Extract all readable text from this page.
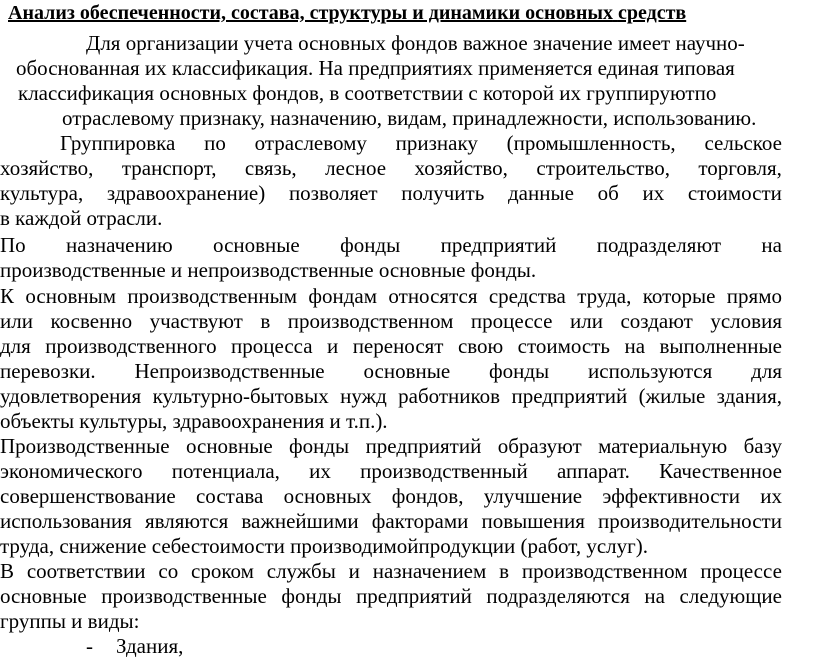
Анализ обеспеченности, состава, структуры и динамики основных средств
Для организации учета основных фондов важное значение имеет научно-
обоснованная их классификация. На предприятиях применяется единая типовая
классификация основных фондов, в соответствии с которой их группируютпо
отраслевому признаку, назначению, видам, принадлежности, использованию.
Группировка по отраслевому признаку (промышленность, сельское
хозяйство, транспорт, связь, лесное хозяйство, строительство, торговля,
культура, здравоохранение) позволяет получить данные об их стоимости
в каждой отрасли.
По назначению основные фонды предприятий подразделяют на
производственные и непроизводственные основные фонды.
К основным производственным фондам относятся средства труда, которые прямо
или косвенно участвуют в производственном процессе или создают условия
для производственного процесса и переносят свою стоимость на выполненные
перевозки. Непроизводственные основные фонды используются для
удовлетворения культурно-бытовых нужд работников предприятий (жилые здания,
объекты культуры, здравоохранения и т.п.).
Производственные основные фонды предприятий образуют материальную базу
экономического потенциала, их производственный аппарат. Качественное
совершенствование состава основных фондов, улучшение эффективности их
использования являются важнейшими факторами повышения производительности
труда, снижение себестоимости производимойпродукции (работ, услуг).
В соответствии со сроком службы и назначением в производственном процессе
основные производственные фонды предприятий подразделяются на следующие
группы и виды:
- Здания,
